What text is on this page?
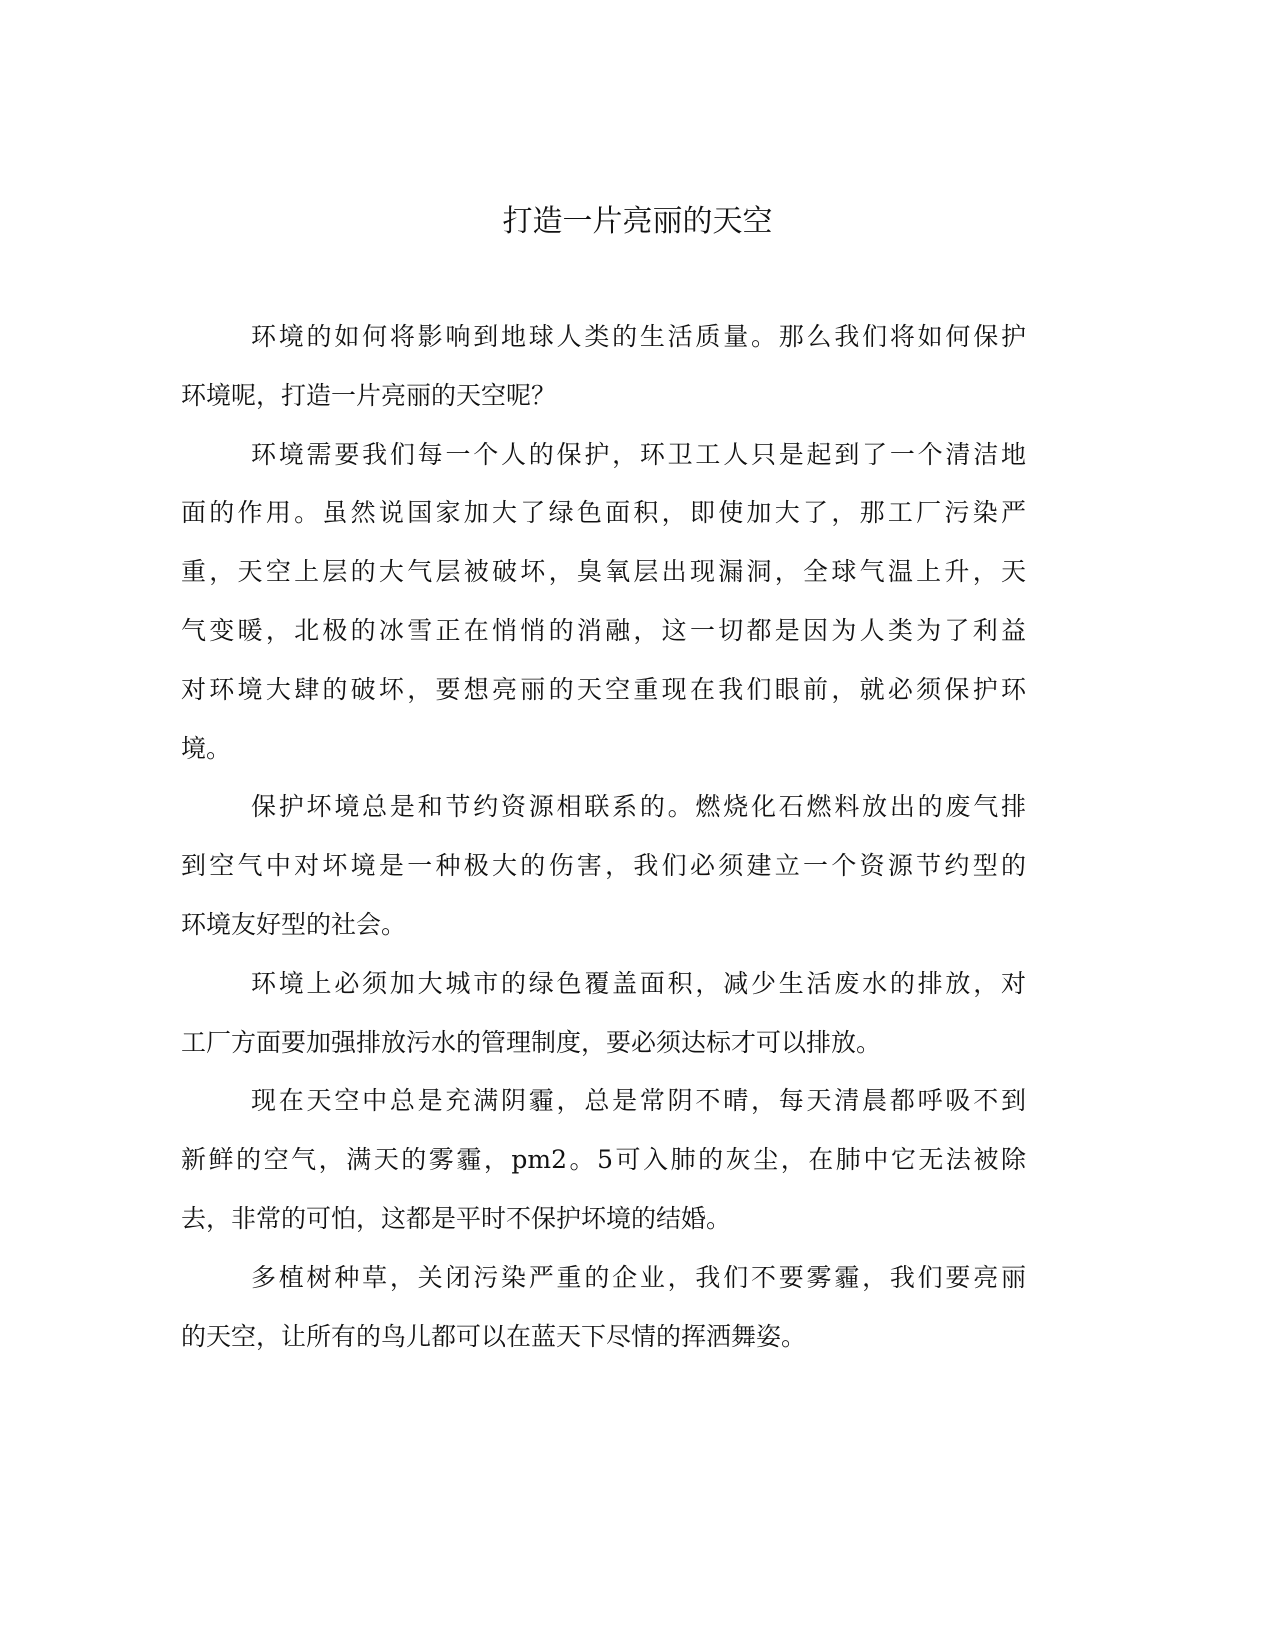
打造一片亮丽的天空
环境的如何将影响到地球人类的生活质量。那么我们将如何保护
环境呢，打造一片亮丽的天空呢？
环境需要我们每一个人的保护，环卫工人只是起到了一个清洁地
面的作用。虽然说国家加大了绿色面积，即使加大了，那工厂污染严
重，天空上层的大气层被破坏，臭氧层出现漏洞，全球气温上升，天
气变暖，北极的冰雪正在悄悄的消融，这一切都是因为人类为了利益
对环境大肆的破坏，要想亮丽的天空重现在我们眼前，就必须保护环
境。
保护坏境总是和节约资源相联系的。燃烧化石燃料放出的废气排
到空气中对坏境是一种极大的伤害，我们必须建立一个资源节约型的
环境友好型的社会。
环境上必须加大城市的绿色覆盖面积，减少生活废水的排放，对
工厂方面要加强排放污水的管理制度，要必须达标才可以排放。
现在天空中总是充满阴霾，总是常阴不晴，每天清晨都呼吸不到
新鲜的空气，满天的雾霾，pm2。5可入肺的灰尘，在肺中它无法被除
去，非常的可怕，这都是平时不保护坏境的结婚。
多植树种草，关闭污染严重的企业，我们不要雾霾，我们要亮丽
的天空，让所有的鸟儿都可以在蓝天下尽情的挥洒舞姿。
